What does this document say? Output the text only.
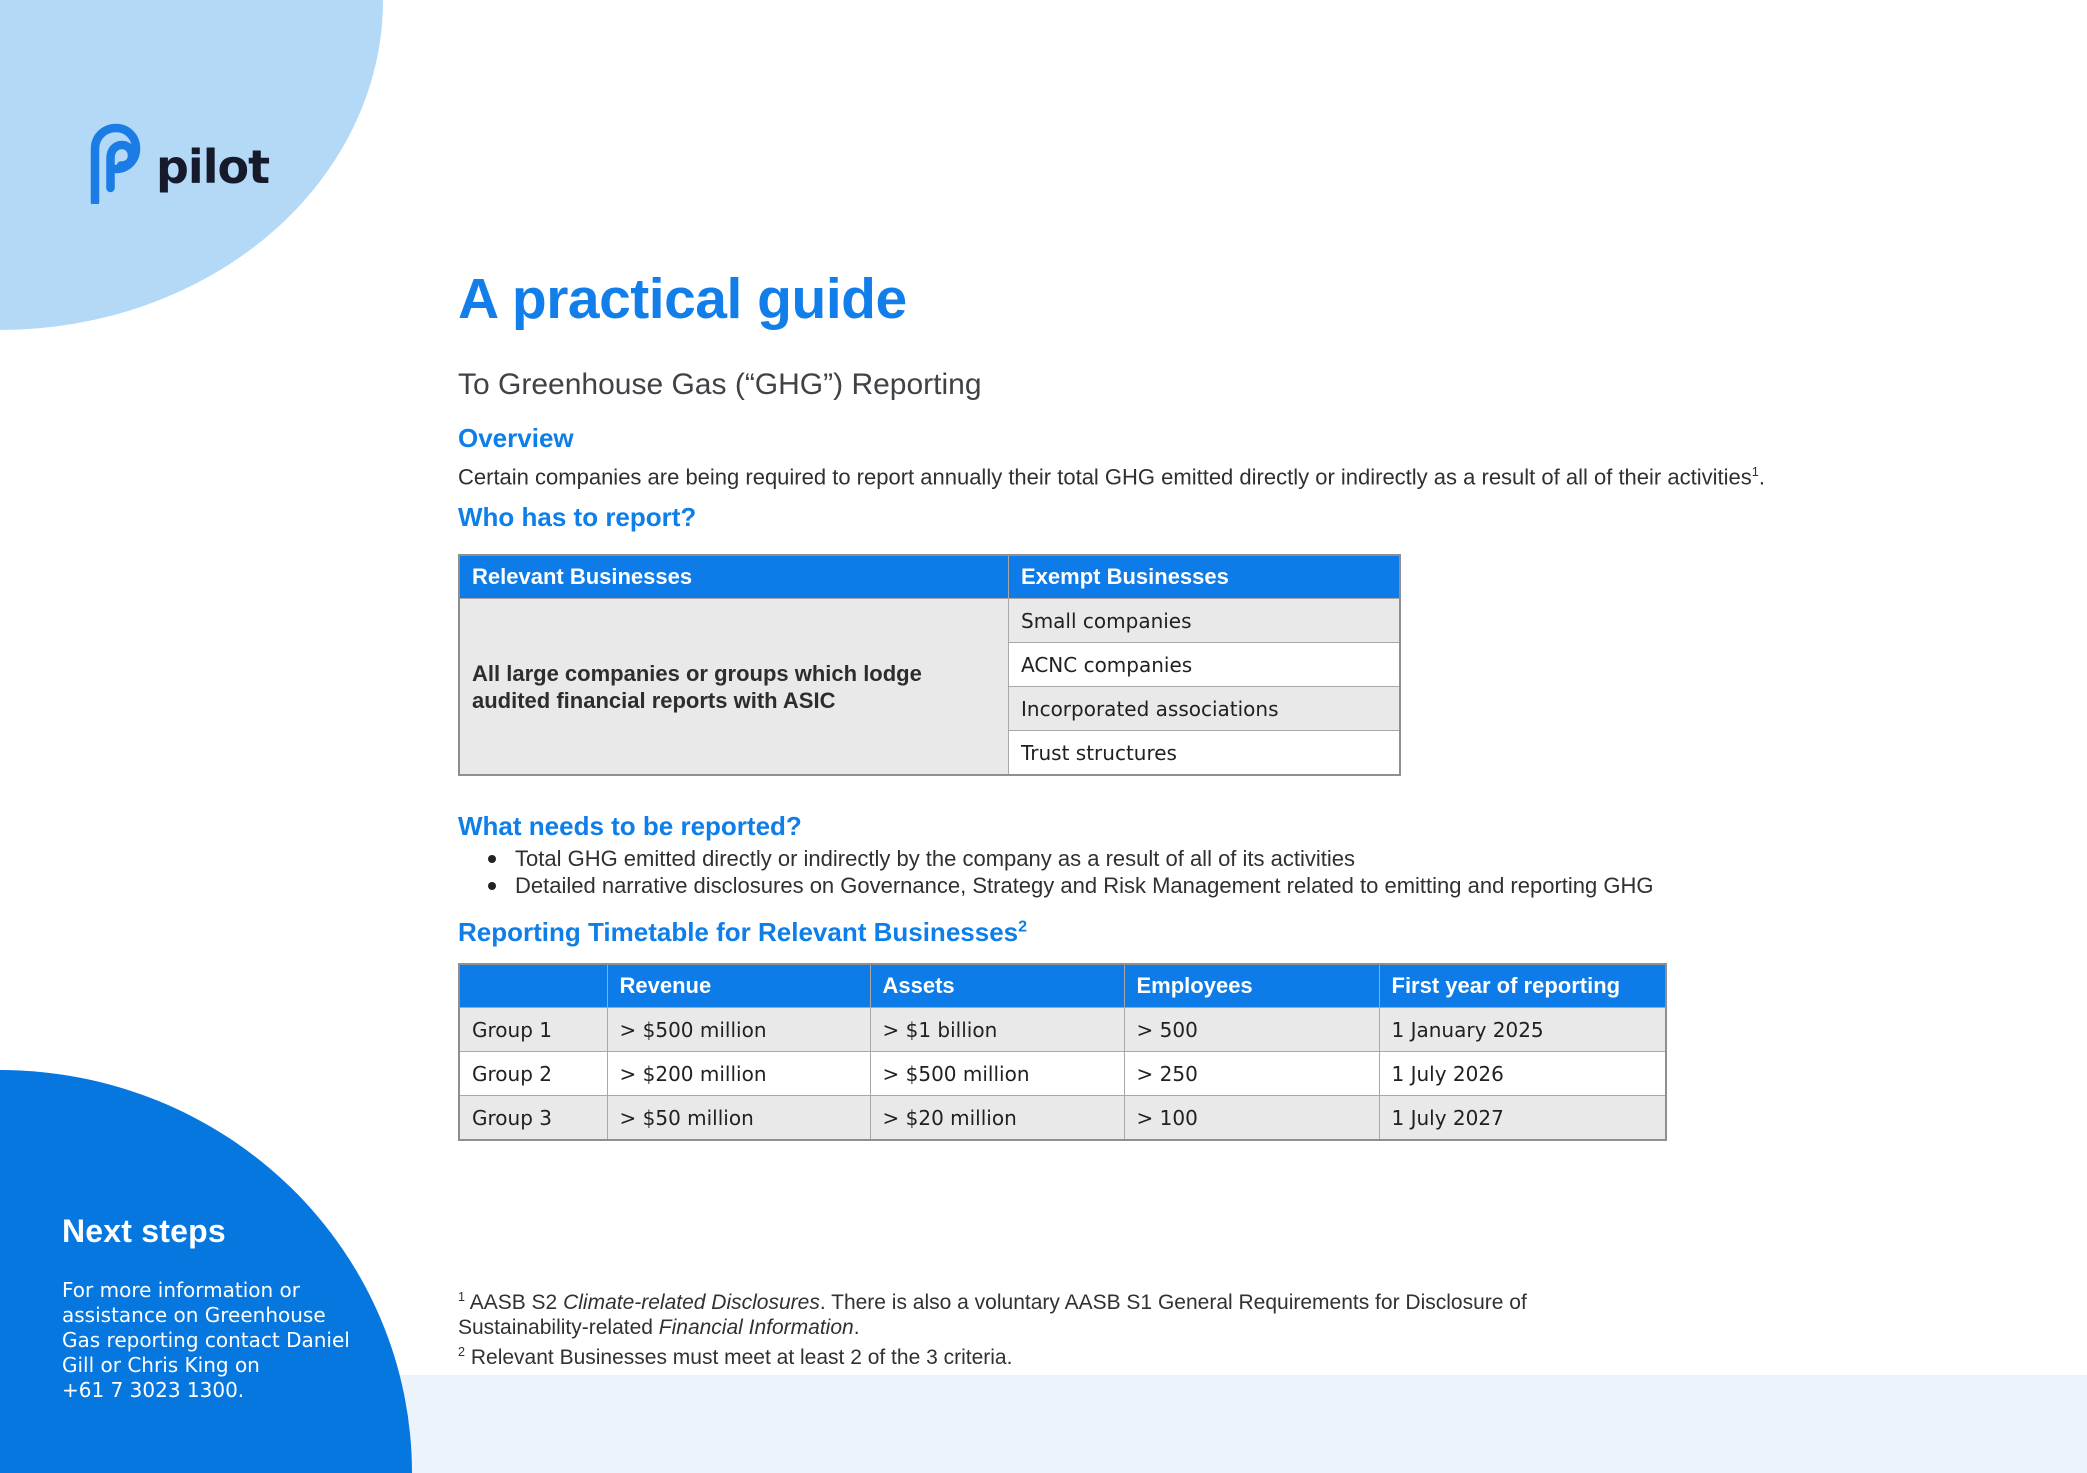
pilot
A practical guide
To Greenhouse Gas (“GHG”) Reporting
Overview
Certain companies are being required to report annually their total GHG emitted directly or indirectly as a result of all of their activities$^1$.
Who has to report?
Relevant Businesses	Exempt Businesses
All large companies or groups which lodge audited financial reports with ASIC	Small companies
	ACNC companies
	Incorporated associations
	Trust structures
What needs to be reported?
Total GHG emitted directly or indirectly by the company as a result of all of its activities
Detailed narrative disclosures on Governance, Strategy and Risk Management related to emitting and reporting GHG
Reporting Timetable for Relevant Businesses$^2$
	Revenue	Assets	Employees	First year of reporting
Group 1	> $500 million	> $1 billion	> 500	1 January 2025
Group 2	> $200 million	> $500 million	> 250	1 July 2026
Group 3	> $50 million	> $20 million	> 100	1 July 2027

$^1$ AASB S2 Climate-related Disclosures. There is also a voluntary AASB S1 General Requirements for Disclosure of
Sustainability-related Financial Information.

$^2$ Relevant Businesses must meet at least 2 of the 3 criteria.

Next steps

For more information or
assistance on Greenhouse
Gas reporting contact Daniel
Gill or Chris King on
+61 7 3023 1300.
